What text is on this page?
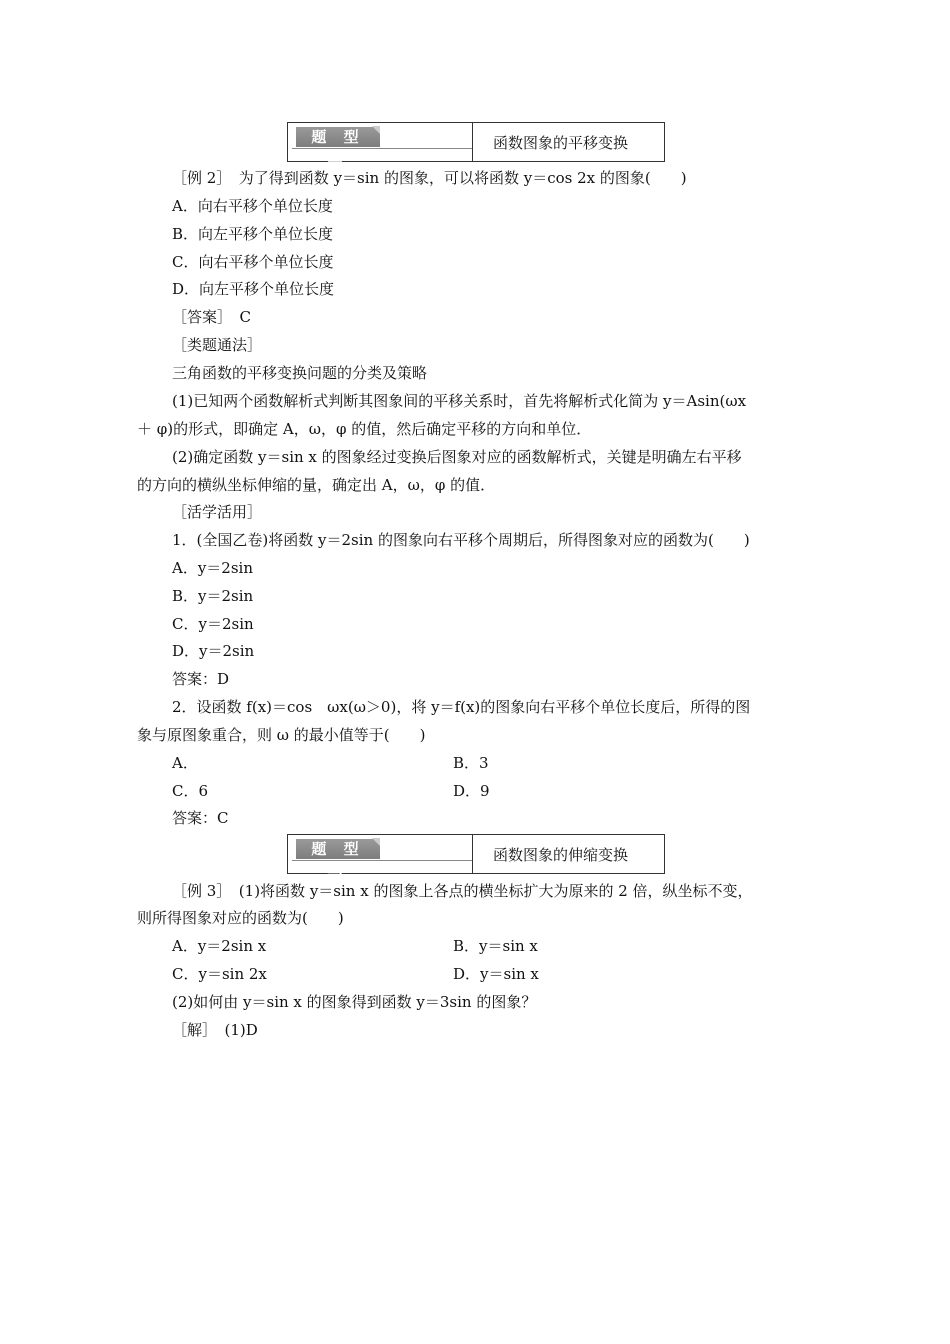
题 型 二
函数图象的平移变换
［例 2］　为了得到函数 y＝sin 的图象，可以将函数 y＝cos 2x 的图象(　　)
A．向右平移个单位长度
B．向左平移个单位长度
C．向右平移个单位长度
D．向左平移个单位长度
［答案］　C
［类题通法］
三角函数的平移变换问题的分类及策略
(1)已知两个函数解析式判断其图象间的平移关系时，首先将解析式化简为 y＝Asin(ωx
＋ φ)的形式，即确定 A，ω，φ 的值，然后确定平移的方向和单位．
(2)确定函数 y＝sin x 的图象经过变换后图象对应的函数解析式，关键是明确左右平移
的方向的横纵坐标伸缩的量，确定出 A，ω，φ 的值．
［活学活用］
1．(全国乙卷)将函数 y＝2sin 的图象向右平移个周期后，所得图象对应的函数为(　　)
A．y＝2sin
B．y＝2sin
C．y＝2sin
D．y＝2sin
答案：D
2．设函数 f(x)＝cos　ωx(ω＞0)，将 y＝f(x)的图象向右平移个单位长度后，所得的图
象与原图象重合，则 ω 的最小值等于(　　)
A．	B．3
C．6	D．9
答案：C
题 型 三
函数图象的伸缩变换
［例 3］　(1)将函数 y＝sin x 的图象上各点的横坐标扩大为原来的 2 倍，纵坐标不变，
则所得图象对应的函数为(　　)
A．y＝2sin x	B．y＝sin x
C．y＝sin 2x	D．y＝sin x
(2)如何由 y＝sin x 的图象得到函数 y＝3sin 的图象？
［解］　(1)D
